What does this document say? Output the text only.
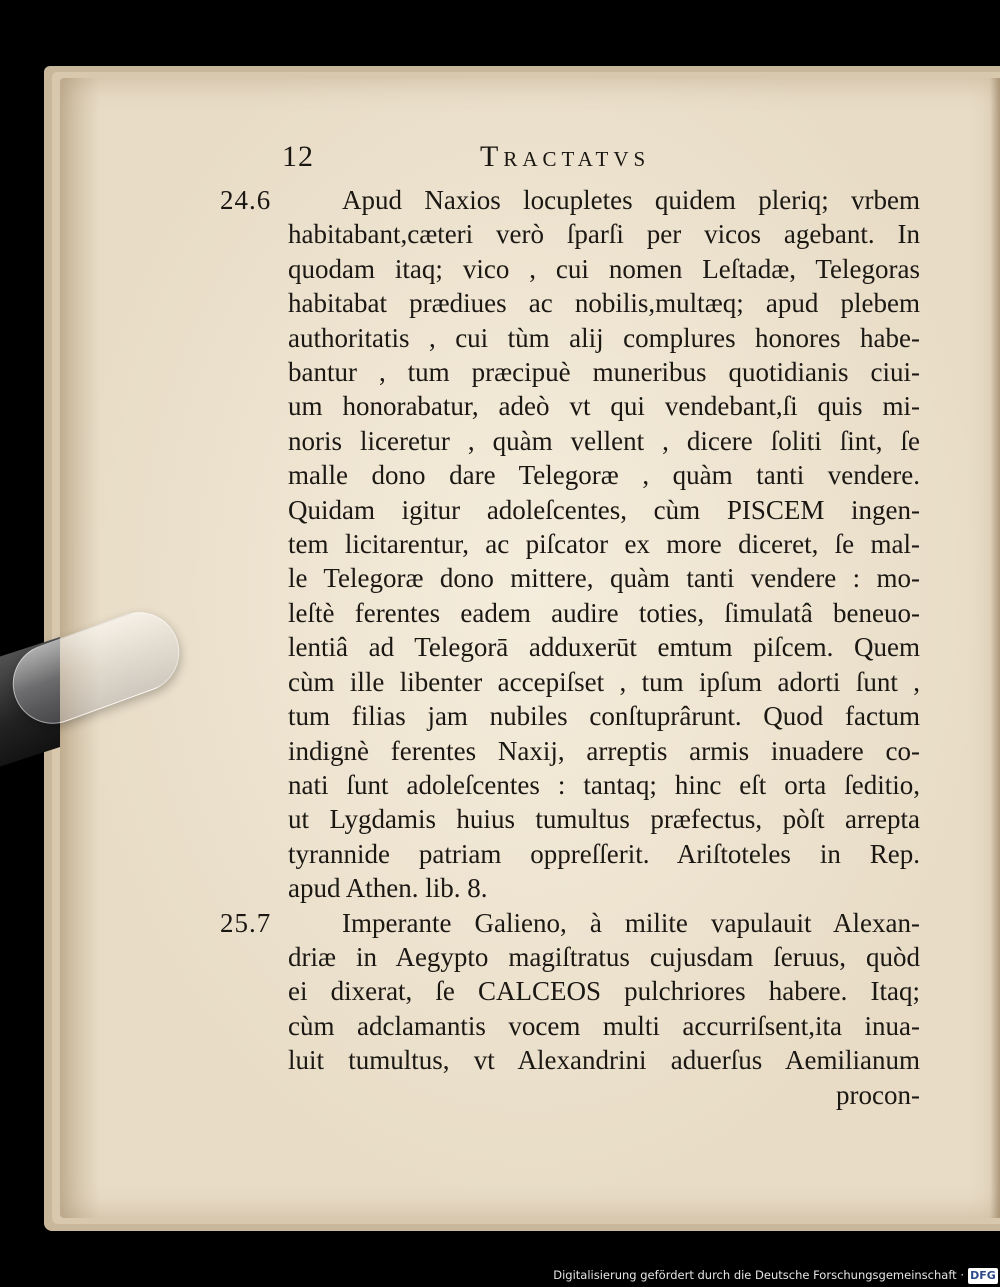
12	Tractatvs
24.6	Apud Naxios locupletes quidem pleriq; vrbem
habitabant,cæteri verò ſparſi per vicos agebant. In
quodam itaq; vico , cui nomen Leſtadæ, Telegoras
habitabat prædiues ac nobilis,multæq; apud plebem
authoritatis , cui tùm alij complures honores habe-
bantur , tum præcipuè muneribus quotidianis ciui-
um honorabatur, adeò vt qui vendebant,ſi quis mi-
noris liceretur , quàm vellent , dicere ſoliti ſint, ſe
malle dono dare Telegoræ , quàm tanti vendere.
Quidam igitur adoleſcentes, cùm PISCEM ingen-
tem licitarentur, ac piſcator ex more diceret, ſe mal-
le Telegoræ dono mittere, quàm tanti vendere : mo-
leſtè ferentes eadem audire toties, ſimulatâ beneuo-
lentiâ ad Telegorā adduxerūt emtum piſcem. Quem
cùm ille libenter accepiſset , tum ipſum adorti ſunt ,
tum filias jam nubiles conſtuprârunt. Quod factum
indignè ferentes Naxij, arreptis armis inuadere co-
nati ſunt adoleſcentes : tantaq; hinc eſt orta ſeditio,
ut Lygdamis huius tumultus præfectus, pòſt arrepta
tyrannide patriam oppreſſerit. Ariſtoteles in Rep.
apud Athen. lib. 8.
25.7	Imperante Galieno, à milite vapulauit Alexan-
driæ in Aegypto magiſtratus cujusdam ſeruus, quòd
ei dixerat, ſe CALCEOS pulchriores habere. Itaq;
cùm adclamantis vocem multi accurriſsent,ita inua-
luit tumultus, vt Alexandrini aduerſus Aemilianum
procon-
Digitalisierung gefördert durch die Deutsche Forschungsgemeinschaft · DFG
